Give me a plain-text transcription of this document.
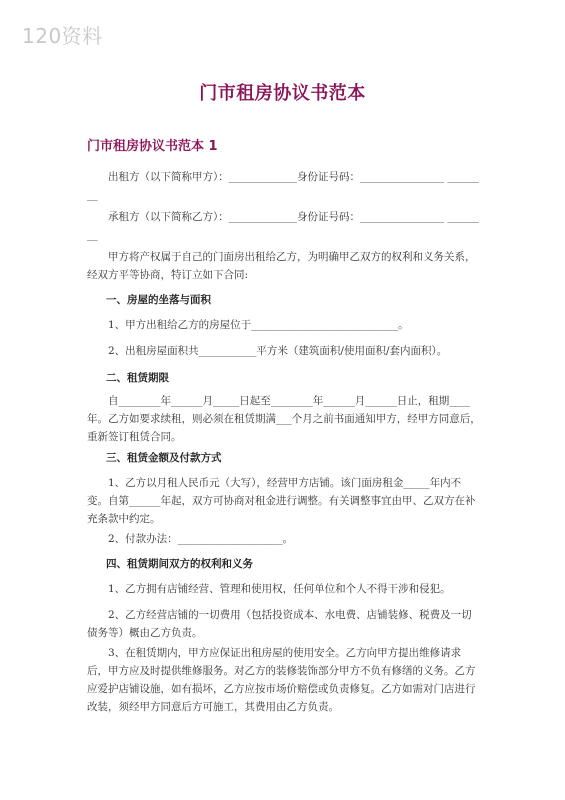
120资料
门市租房协议书范本
门市租房协议书范本 1

出租方（以下简称甲方）：_____________身份证号码：________________ ________

承租方（以下简称乙方）：_____________身份证号码：________________ ________

甲方将产权属于自己的门面房出租给乙方，为明确甲乙双方的权利和义务关系，经双方平等协商，特订立如下合同:

一、房屋的坐落与面积

1、甲方出租给乙方的房屋位于____________________________。

2、出租房屋面积共___________平方米（建筑面积/使用面积/套内面积）。

二、租赁期限

自________年______月_____日起至________年______月______日止，租期____年。乙方如要求续租，则必须在租赁期满___个月之前书面通知甲方，经甲方同意后，重新签订租赁合同。

三、租赁金额及付款方式

1、乙方以月租人民币元（大写），经营甲方店铺。该门面房租金_____年内不变。自第______年起，双方可协商对租金进行调整。有关调整事宜由甲、乙双方在补充条款中约定。

2、付款办法：____________________。

四、租赁期间双方的权利和义务

1、乙方拥有店铺经营、管理和使用权，任何单位和个人不得干涉和侵犯。

2、乙方经营店铺的一切费用（包括投资成本、水电费、店铺装修、税费及一切债务等）概由乙方负责。

3、在租赁期内，甲方应保证出租房屋的使用安全。乙方向甲方提出维修请求后，甲方应及时提供维修服务。对乙方的装修装饰部分甲方不负有修缮的义务。乙方应爱护店铺设施，如有损坏，乙方应按市场价赔偿或负责修复。乙方如需对门店进行改装，须经甲方同意后方可施工，其费用由乙方负责。
